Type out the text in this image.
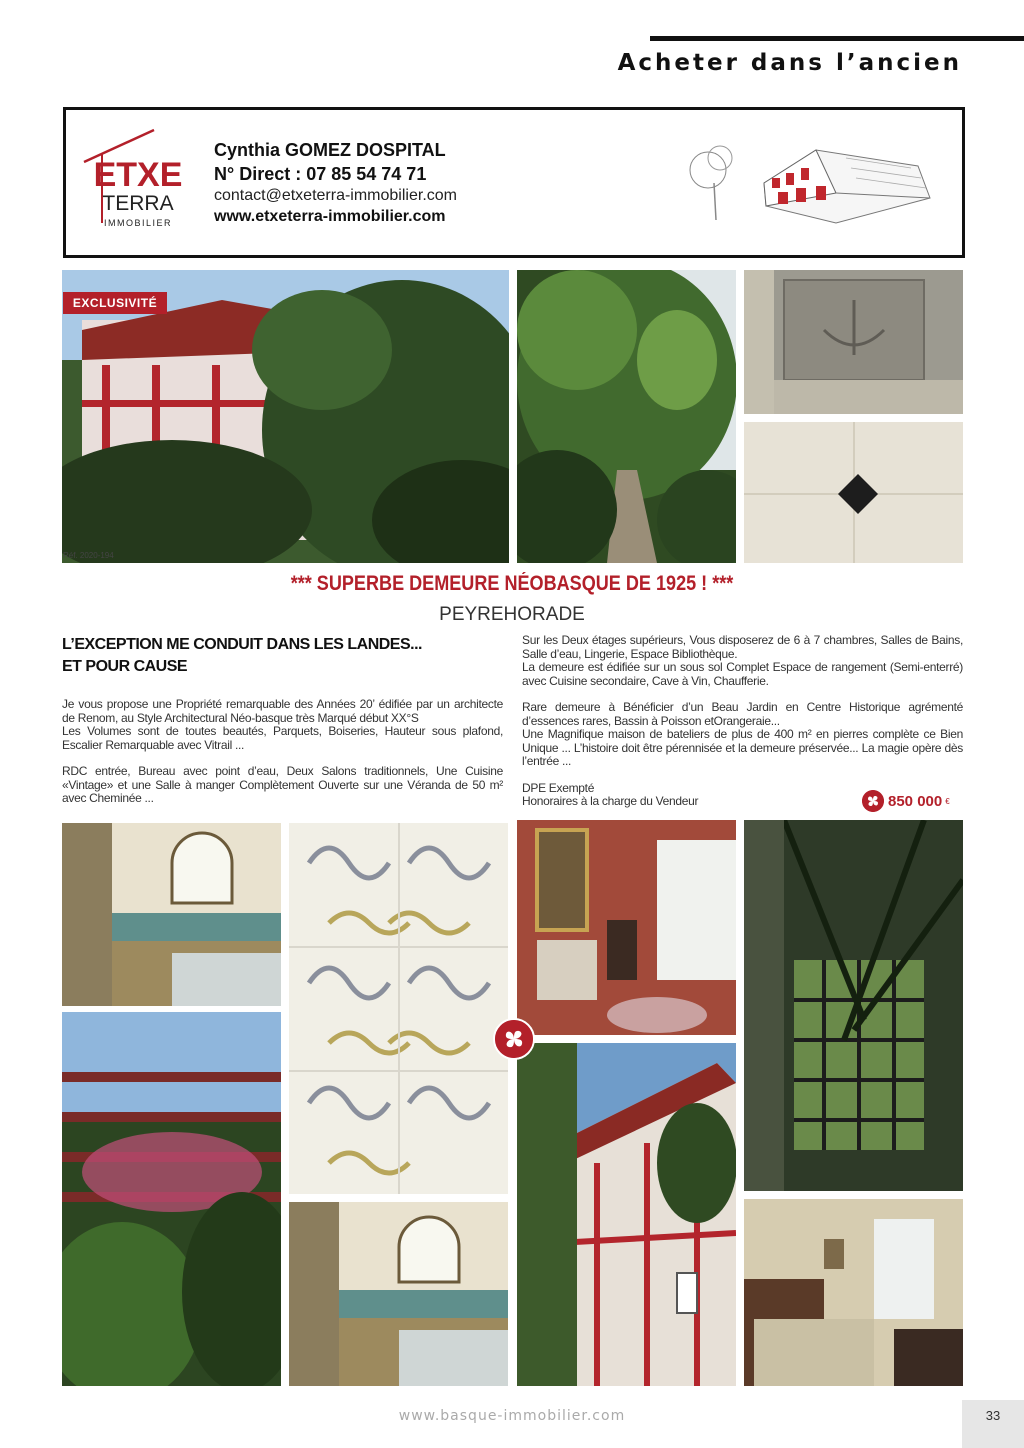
Acheter dans l’ancien
ETXE
TERRA
IMMOBILIER
Cynthia GOMEZ DOSPITAL
N° Direct : 07 85 54 74 71
contact@etxeterra-immobilier.com
www.etxeterra-immobilier.com
EXCLUSIVITÉ
Réf. 2020-194
*** SUPERBE DEMEURE NÉOBASQUE DE 1925 ! ***
PEYREHORADE
L’EXCEPTION ME CONDUIT DANS LES LANDES...
ET POUR CAUSE

Je vous propose une Propriété remarquable des Années 20’ édifiée par un architecte de Renom, au Style Architectural Néo-basque très Marqué début XX°S
Les Volumes sont de toutes beautés, Parquets, Boiseries, Hauteur sous plafond, Escalier Remarquable avec Vitrail ...

RDC entrée, Bureau avec point d’eau, Deux Salons traditionnels, Une Cuisine «Vintage» et une Salle à manger Complètement Ouverte sur une Véranda de 50 m² avec Cheminée ...

Sur les Deux étages supérieurs, Vous disposerez de 6 à 7 chambres, Salles de Bains, Salle d’eau, Lingerie, Espace Bibliothèque.
La demeure est édifiée sur un sous sol Complet Espace de rangement (Semi-enterré) avec Cuisine secondaire, Cave à Vin, Chaufferie.

Rare demeure à Bénéficier d’un Beau Jardin en Centre Historique agrémenté d’essences rares, Bassin à Poisson etOrangeraie...
Une Magnifique maison de bateliers de plus de 400 m² en pierres complète ce Bien Unique ... L’histoire doit être pérennisée et la demeure préservée... La magie opère dès l’entrée ...

DPE Exempté

Honoraires à la charge du Vendeur	850 000 €
www.basque-immobilier.com	33
